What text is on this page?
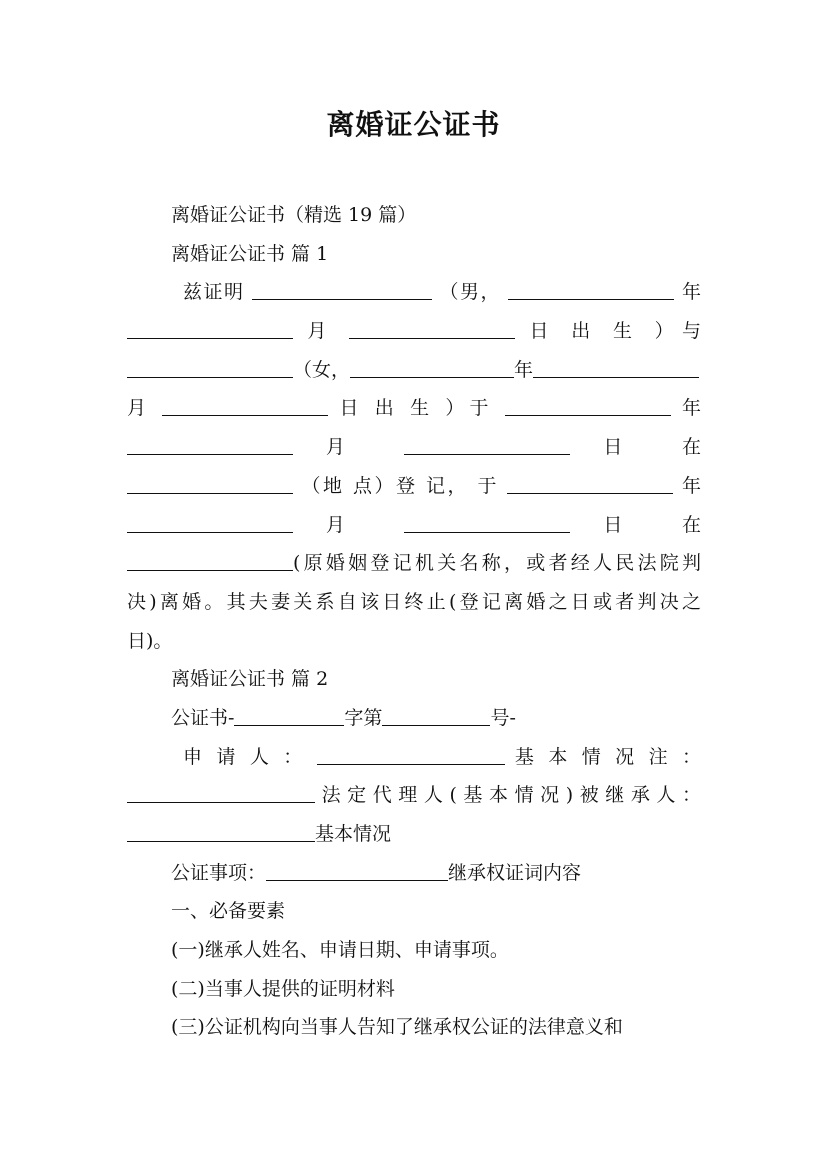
离婚证公证书
离婚证公证书（精选 19 篇）
离婚证公证书 篇 1
兹证明	（男，	年
月	日 出 生 ）与
（女，	年
月	日 出 生 ）于	年
月	日 在
（地 点）登 记， 于	年
月	日 在
(原婚姻登记机关名称，或者经人民法院判
决)离婚。其夫妻关系自该日终止(登记离婚之日或者判决之
日)。
离婚证公证书 篇 2
公证书-	字第	号-
申 请 人 ：	基 本 情 况 注 ：
法定代理人(基本情况)被继承人：
基本情况
公证事项：	继承权证词内容
一、必备要素
(一)继承人姓名、申请日期、申请事项。
(二)当事人提供的证明材料
(三)公证机构向当事人告知了继承权公证的法律意义和
